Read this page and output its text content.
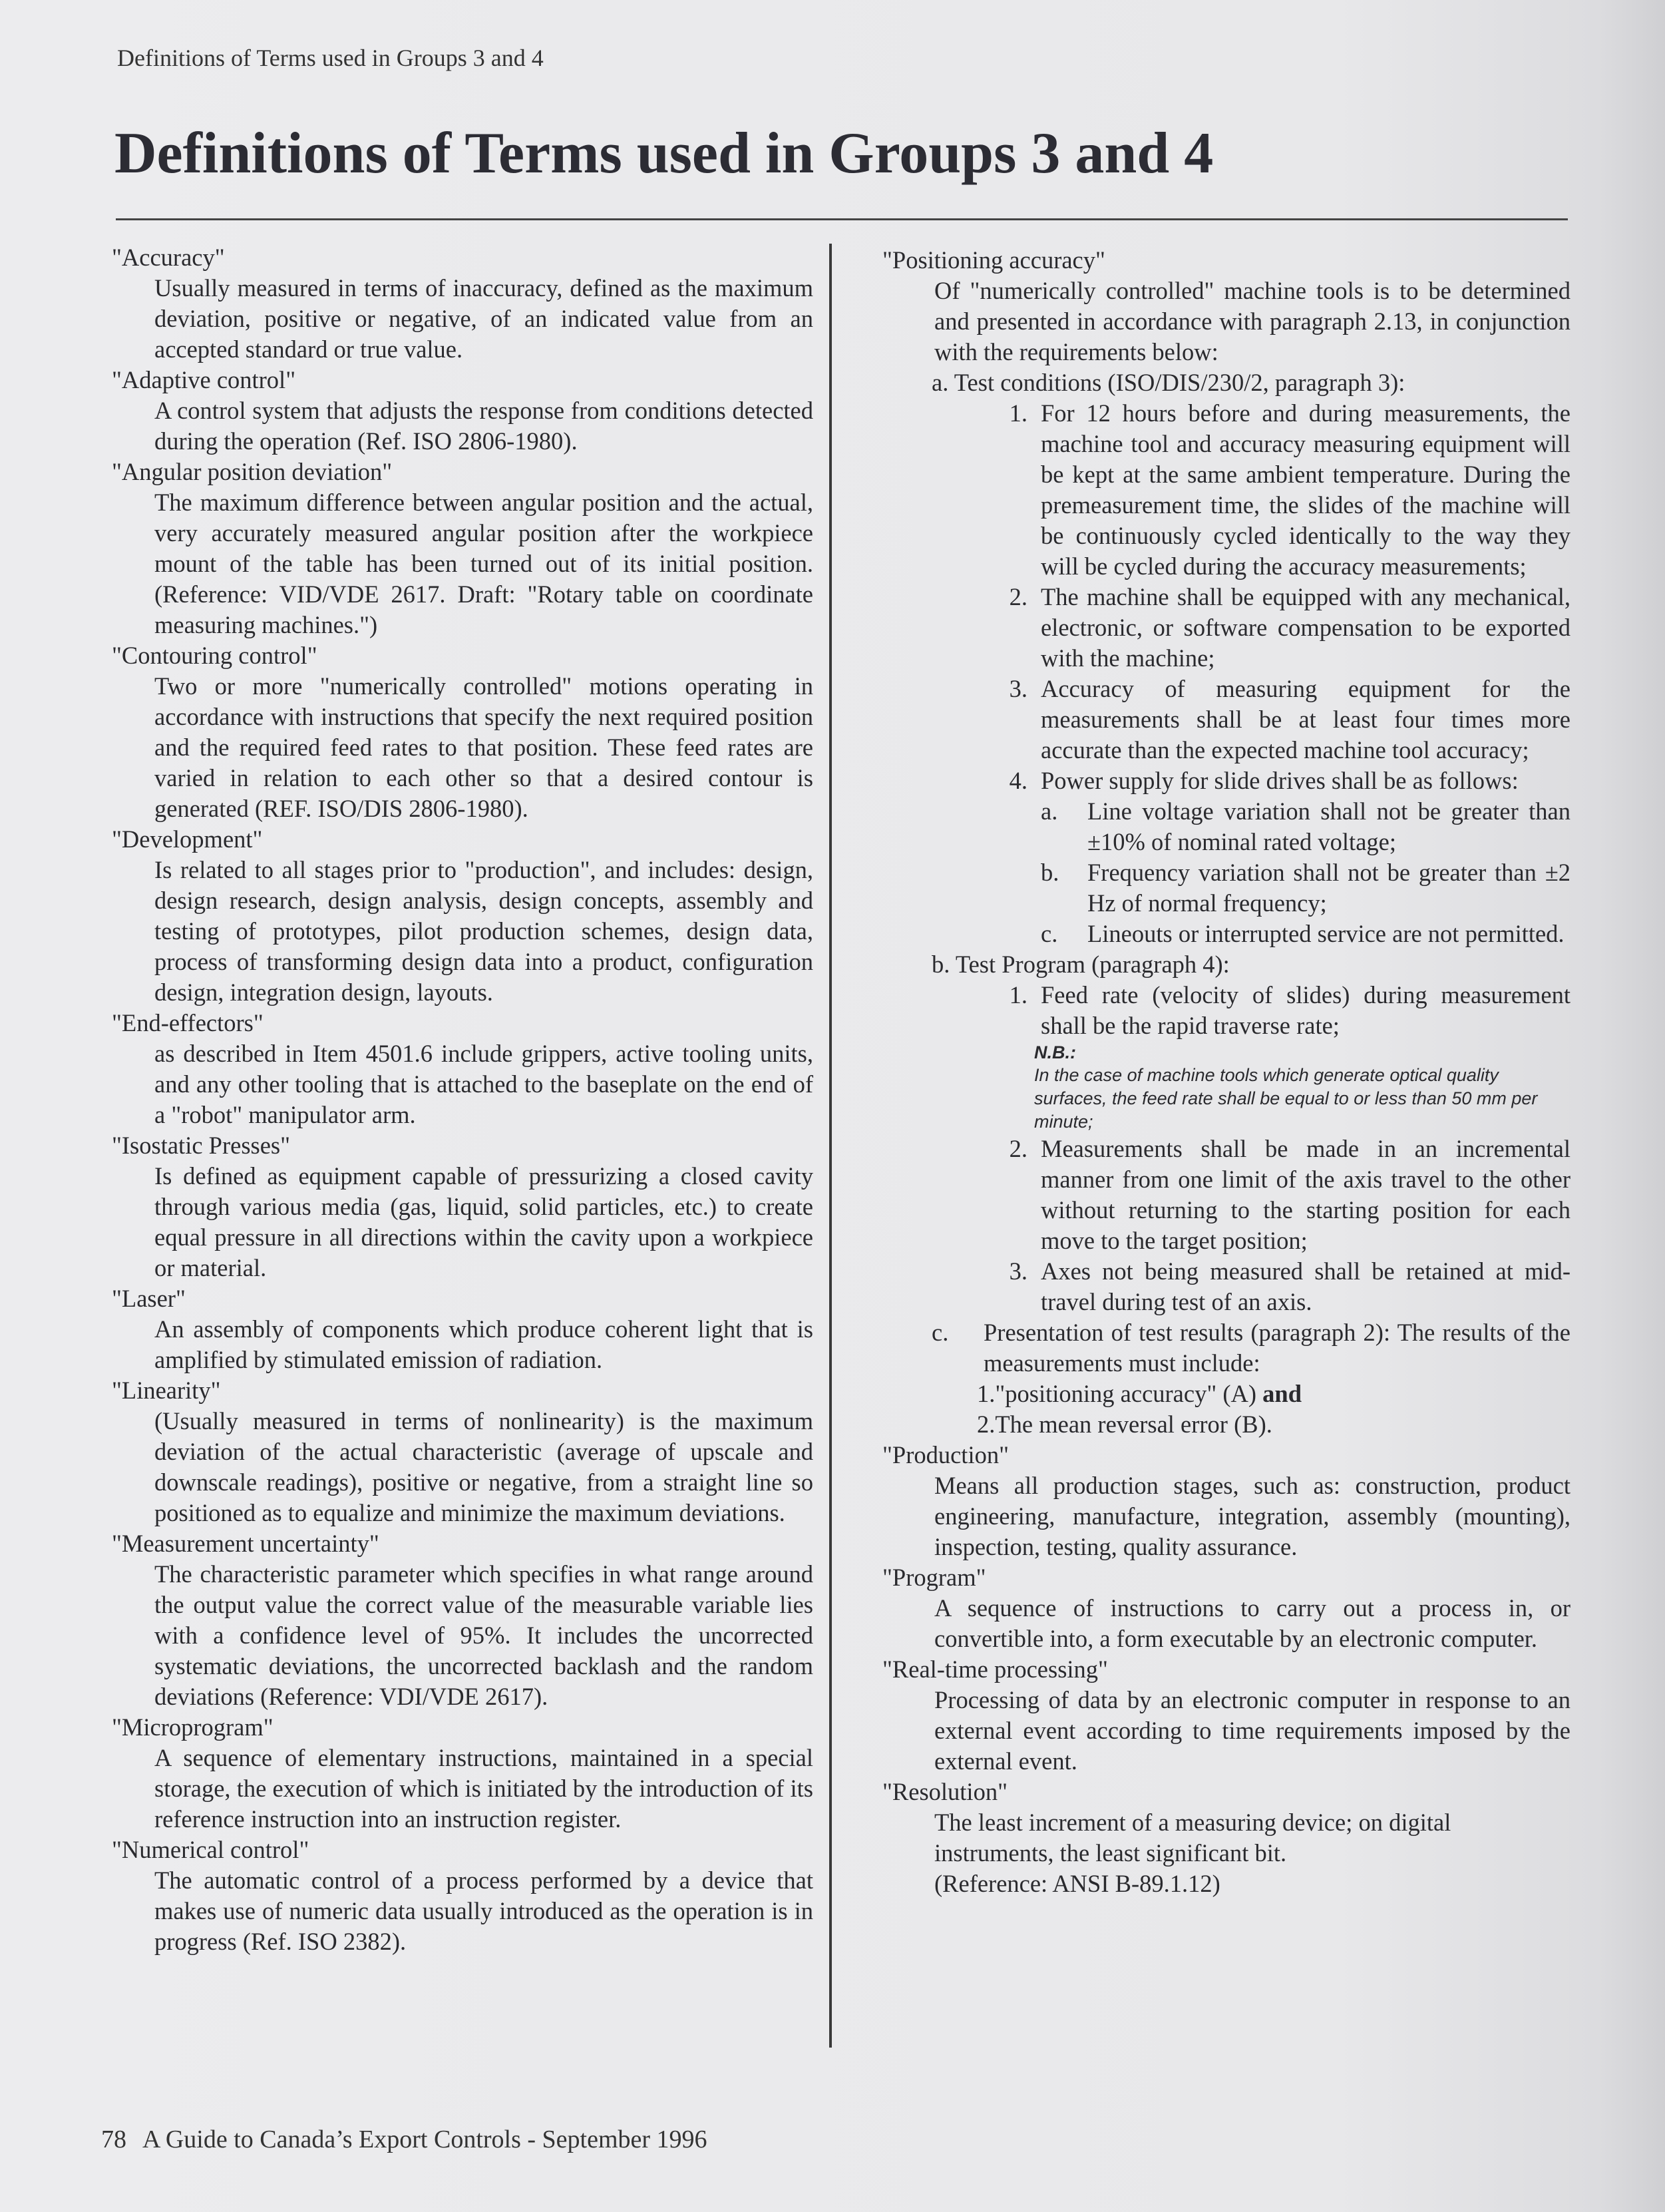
Definitions of Terms used in Groups 3 and 4
Definitions of Terms used in Groups 3 and 4
"Accuracy"
Usually measured in terms of inaccuracy, defined as the maximum deviation, positive or negative, of an indicated value from an accepted standard or true value.
"Adaptive control"
A control system that adjusts the response from conditions detected during the operation (Ref. ISO 2806-1980).
"Angular position deviation"
The maximum difference between angular position and the actual, very accurately measured angular position after the workpiece mount of the table has been turned out of its initial position. (Reference: VID/VDE 2617. Draft: "Rotary table on coordinate measuring machines.")
"Contouring control"
Two or more "numerically controlled" motions operating in accordance with instructions that specify the next required position and the required feed rates to that position. These feed rates are varied in relation to each other so that a desired contour is generated (REF. ISO/DIS 2806-1980).
"Development"
Is related to all stages prior to "production", and includes: design, design research, design analysis, design concepts, assembly and testing of prototypes, pilot production schemes, design data, process of transforming design data into a product, configuration design, integration design, layouts.
"End-effectors"
as described in Item 4501.6 include grippers, active tooling units, and any other tooling that is attached to the baseplate on the end of a "robot" manipulator arm.
"Isostatic Presses"
Is defined as equipment capable of pressurizing a closed cavity through various media (gas, liquid, solid particles, etc.) to create equal pressure in all directions within the cavity upon a workpiece or material.
"Laser"
An assembly of components which produce coherent light that is amplified by stimulated emission of radiation.
"Linearity"
(Usually measured in terms of nonlinearity) is the maximum deviation of the actual characteristic (average of upscale and downscale readings), positive or negative, from a straight line so positioned as to equalize and minimize the maximum deviations.
"Measurement uncertainty"
The characteristic parameter which specifies in what range around the output value the correct value of the measurable variable lies with a confidence level of 95%. It includes the uncorrected systematic deviations, the uncorrected backlash and the random deviations (Reference: VDI/VDE 2617).
"Microprogram"
A sequence of elementary instructions, maintained in a special storage, the execution of which is initiated by the introduction of its reference instruction into an instruction register.
"Numerical control"
The automatic control of a process performed by a device that makes use of numeric data usually introduced as the operation is in progress (Ref. ISO 2382).
"Positioning accuracy"
Of "numerically controlled" machine tools is to be determined and presented in accordance with paragraph 2.13, in conjunction with the requirements below:
a. Test conditions (ISO/DIS/230/2, paragraph 3):
1. For 12 hours before and during measurements, the machine tool and accuracy measuring equipment will be kept at the same ambient temperature. During the premeasurement time, the slides of the machine will be continuously cycled identically to the way they will be cycled during the accuracy measurements;
2. The machine shall be equipped with any mechanical, electronic, or software compensation to be exported with the machine;
3. Accuracy of measuring equipment for the measurements shall be at least four times more accurate than the expected machine tool accuracy;
4. Power supply for slide drives shall be as follows:
a.	Line voltage variation shall not be greater than ±10% of nominal rated voltage;
b.	Frequency variation shall not be greater than ±2 Hz of normal frequency;
c.	Lineouts or interrupted service are not permitted.
b. Test Program (paragraph 4):
1. Feed rate (velocity of slides) during measurement shall be the rapid traverse rate;
N.B.:
In the case of machine tools which generate optical quality surfaces, the feed rate shall be equal to or less than 50 mm per minute;
2. Measurements shall be made in an incremental manner from one limit of the axis travel to the other without returning to the starting position for each move to the target position;
3. Axes not being measured shall be retained at mid-travel during test of an axis.
c.	Presentation of test results (paragraph 2): The results of the measurements must include:
1."positioning accuracy" (A) and
2.The mean reversal error (B).
"Production"
Means all production stages, such as: construction, product engineering, manufacture, integration, assembly (mounting), inspection, testing, quality assurance.
"Program"
A sequence of instructions to carry out a process in, or convertible into, a form executable by an electronic computer.
"Real-time processing"
Processing of data by an electronic computer in response to an external event according to time requirements imposed by the external event.
"Resolution"
The least increment of a measuring device; on digital
instruments, the least significant bit.
(Reference: ANSI B-89.1.12)
78 A Guide to Canada’s Export Controls - September 1996
